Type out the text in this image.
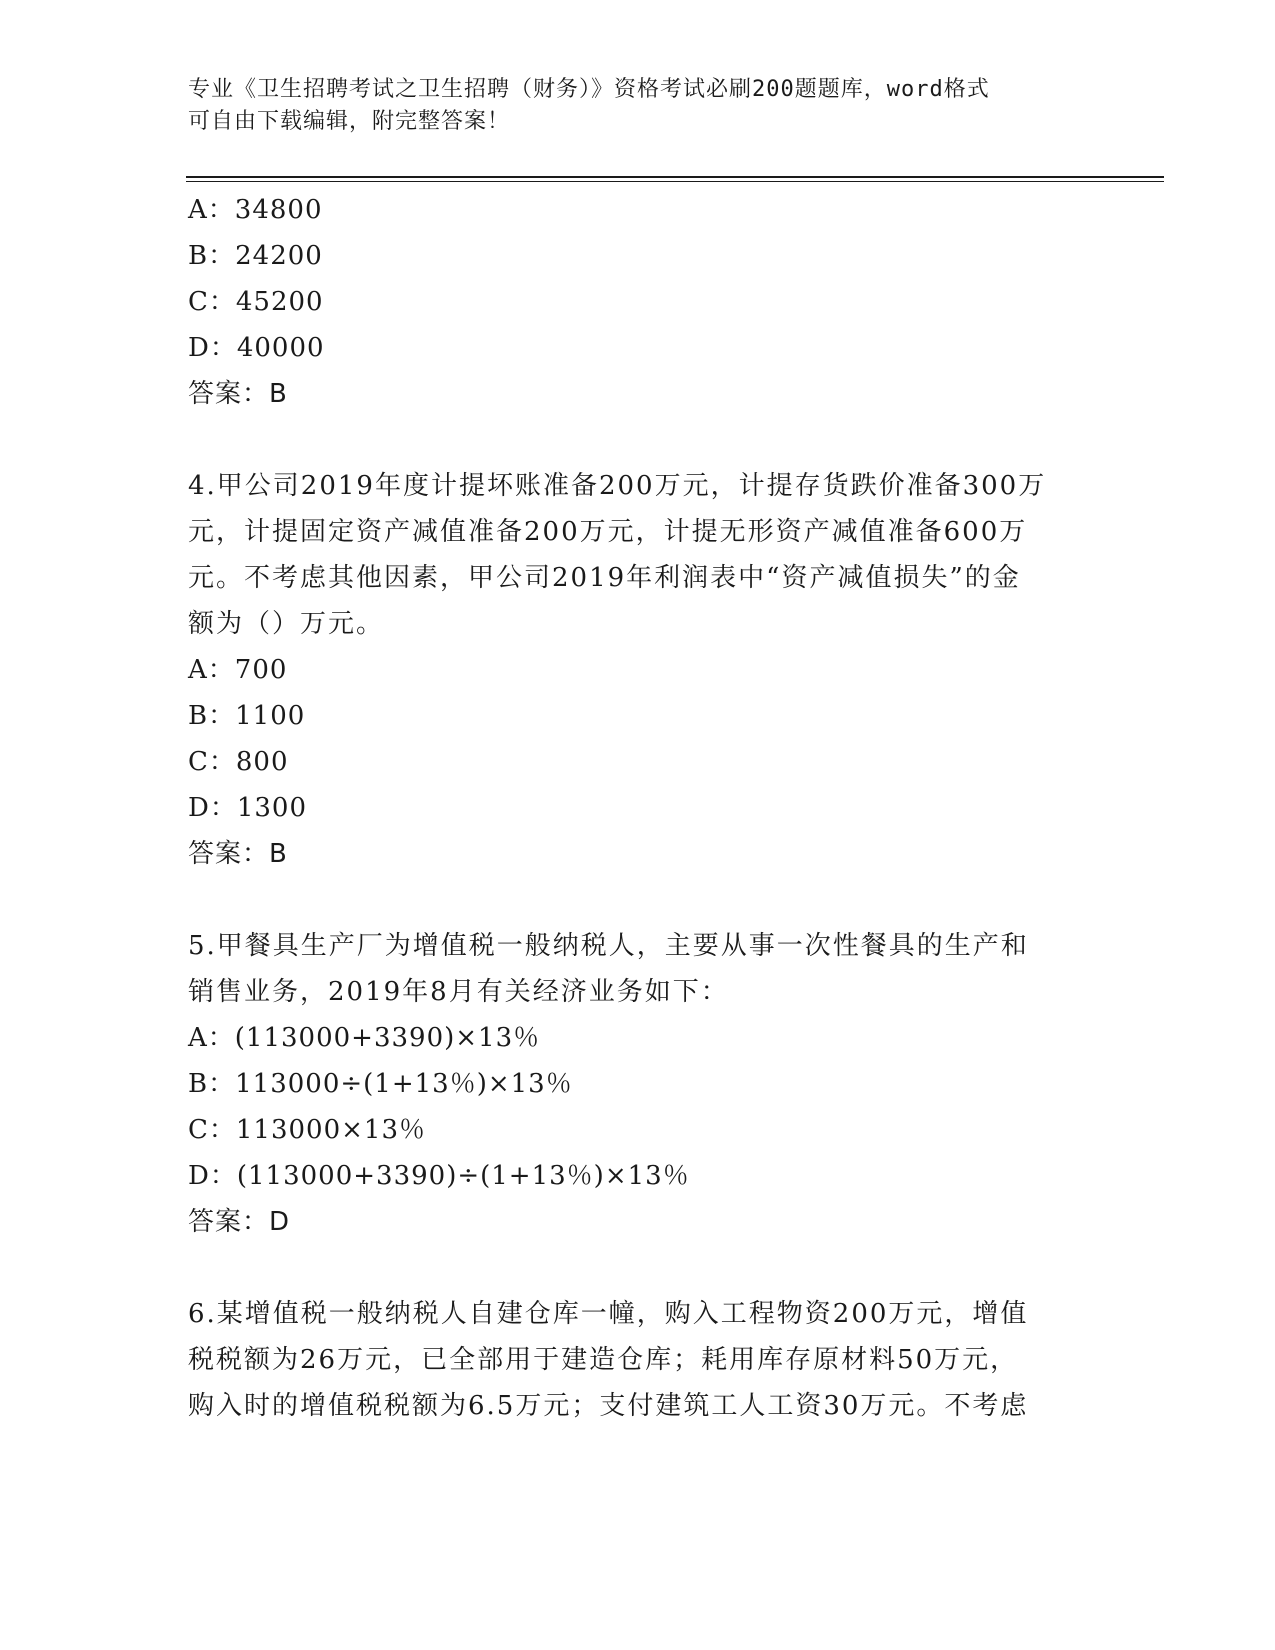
专业《卫生招聘考试之卫生招聘（财务）》资格考试必刷200题题库，word格式
可自由下载编辑，附完整答案！
A：34800
B：24200
C：45200
D：40000
答案：B
4.甲公司2019年度计提坏账准备200万元，计提存货跌价准备300万
元，计提固定资产减值准备200万元，计提无形资产减值准备600万
元。不考虑其他因素，甲公司2019年利润表中“资产减值损失”的金
额为（）万元。
A：700
B：1100
C：800
D：1300
答案：B
5.甲餐具生产厂为增值税一般纳税人，主要从事一次性餐具的生产和
销售业务，2019年8月有关经济业务如下：
A：(113000+3390)×13％
B：113000÷(1+13％)×13％
C：113000×13％
D：(113000+3390)÷(1+13％)×13％
答案：D
6.某增值税一般纳税人自建仓库一幢，购入工程物资200万元，增值
税税额为26万元，已全部用于建造仓库；耗用库存原材料50万元，
购入时的增值税税额为6.5万元；支付建筑工人工资30万元。不考虑
